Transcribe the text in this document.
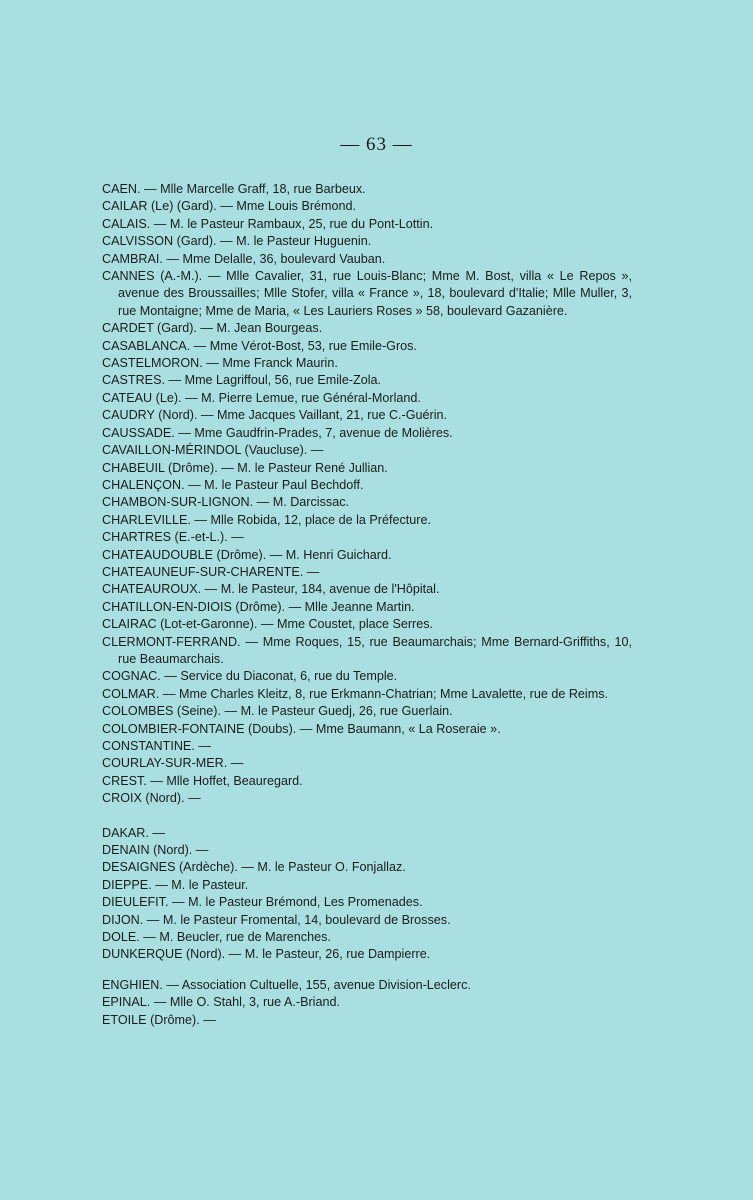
— 63 —

CAEN. — Mlle Marcelle Graff, 18, rue Barbeux.

CAILAR (Le) (Gard). — Mme Louis Brémond.

CALAIS. — M. le Pasteur Rambaux, 25, rue du Pont-Lottin.

CALVISSON (Gard). — M. le Pasteur Huguenin.

CAMBRAI. — Mme Delalle, 36, boulevard Vauban.

CANNES (A.-M.). — Mlle Cavalier, 31, rue Louis-Blanc; Mme M. Bost, villa « Le Repos », avenue des Broussailles; Mlle Stofer, villa « France », 18, boulevard d'Italie; Mlle Muller, 3, rue Montaigne; Mme de Maria, « Les Lauriers Roses » 58, boulevard Gazanière.

CARDET (Gard). — M. Jean Bourgeas.

CASABLANCA. — Mme Vérot-Bost, 53, rue Emile-Gros.

CASTELMORON. — Mme Franck Maurin.

CASTRES. — Mme Lagriffoul, 56, rue Emile-Zola.

CATEAU (Le). — M. Pierre Lemue, rue Général-Morland.

CAUDRY (Nord). — Mme Jacques Vaillant, 21, rue C.-Guérin.

CAUSSADE. — Mme Gaudfrin-Prades, 7, avenue de Molières.

CAVAILLON-MÉRINDOL (Vaucluse). —

CHABEUIL (Drôme). — M. le Pasteur René Jullian.

CHALENÇON. — M. le Pasteur Paul Bechdoff.

CHAMBON-SUR-LIGNON. — M. Darcissac.

CHARLEVILLE. — Mlle Robida, 12, place de la Préfecture.

CHARTRES (E.-et-L.). —

CHATEAUDOUBLE (Drôme). — M. Henri Guichard.

CHATEAUNEUF-SUR-CHARENTE. —

CHATEAUROUX. — M. le Pasteur, 184, avenue de l'Hôpital.

CHATILLON-EN-DIOIS (Drôme). — Mlle Jeanne Martin.

CLAIRAC (Lot-et-Garonne). — Mme Coustet, place Serres.

CLERMONT-FERRAND. — Mme Roques, 15, rue Beaumarchais; Mme Bernard-Griffiths, 10, rue Beaumarchais.

COGNAC. — Service du Diaconat, 6, rue du Temple.

COLMAR. — Mme Charles Kleitz, 8, rue Erkmann-Chatrian; Mme Lavalette, rue de Reims.

COLOMBES (Seine). — M. le Pasteur Guedj, 26, rue Guerlain.

COLOMBIER-FONTAINE (Doubs). — Mme Baumann, « La Roseraie ».

CONSTANTINE. —

COURLAY-SUR-MER. —

CREST. — Mlle Hoffet, Beauregard.

CROIX (Nord). —

DAKAR. —

DENAIN (Nord). —

DESAIGNES (Ardèche). — M. le Pasteur O. Fonjallaz.

DIEPPE. — M. le Pasteur.

DIEULEFIT. — M. le Pasteur Brémond, Les Promenades.

DIJON. — M. le Pasteur Fromental, 14, boulevard de Brosses.

DOLE. — M. Beucler, rue de Marenches.

DUNKERQUE (Nord). — M. le Pasteur, 26, rue Dampierre.

ENGHIEN. — Association Cultuelle, 155, avenue Division-Leclerc.

EPINAL. — Mlle O. Stahl, 3, rue A.-Briand.

ETOILE (Drôme). —
